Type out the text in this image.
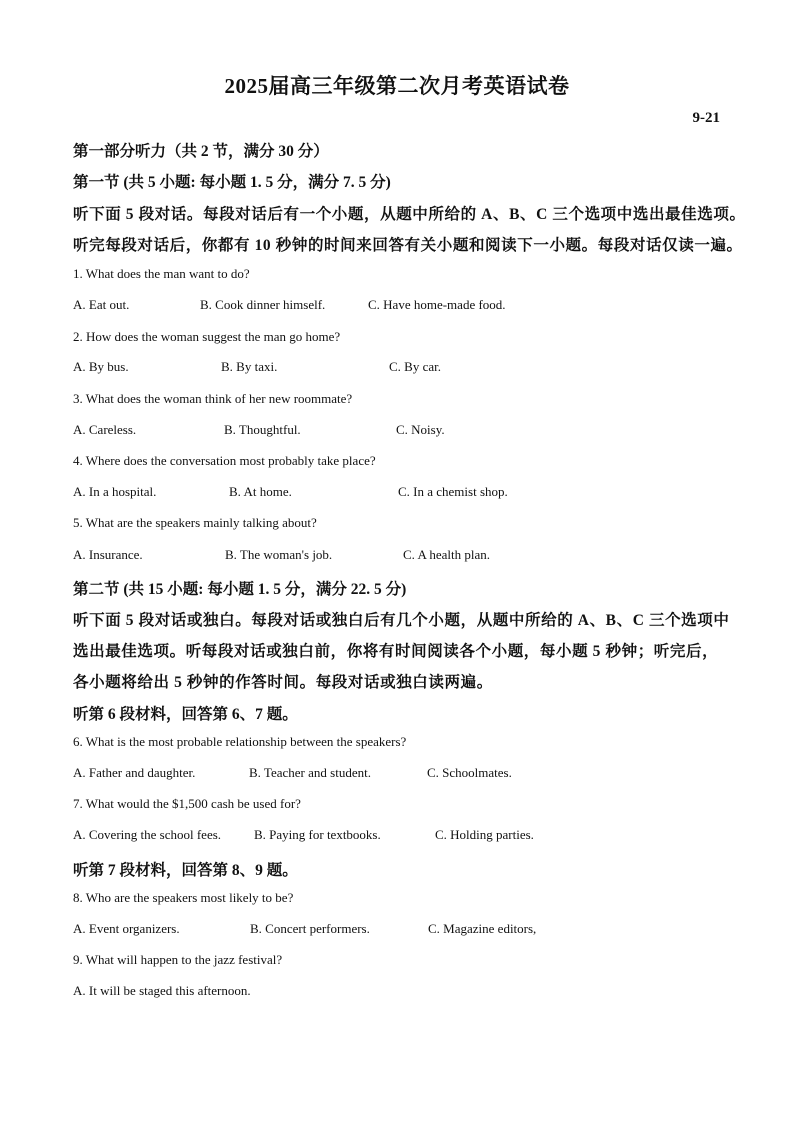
2025届高三年级第二次月考英语试卷
9-21
第一部分听力（共 2 节，满分 30 分）
第一节 (共 5 小题: 每小题 1. 5 分，满分 7. 5 分)
听下面 5 段对话。每段对话后有一个小题，从题中所给的 A、B、C 三个选项中选出最佳选项。
听完每段对话后，你都有 10 秒钟的时间来回答有关小题和阅读下一小题。每段对话仅读一遍。
1. What does the man want to do?
A. Eat out.	B. Cook dinner himself.	C. Have home-made food.
2. How does the woman suggest the man go home?
A. By bus.	B. By taxi.	C. By car.
3. What does the woman think of her new roommate?
A. Careless.	B. Thoughtful.	C. Noisy.
4. Where does the conversation most probably take place?
A. In a hospital.	B. At home.	C. In a chemist shop.
5. What are the speakers mainly talking about?
A. Insurance.	B. The woman's job.	C. A health plan.
第二节 (共 15 小题: 每小题 1. 5 分，满分 22. 5 分)
听下面 5 段对话或独白。每段对话或独白后有几个小题，从题中所给的 A、B、C 三个选项中
选出最佳选项。听每段对话或独白前，你将有时间阅读各个小题，每小题 5 秒钟；听完后，
各小题将给出 5 秒钟的作答时间。每段对话或独白读两遍。
听第 6 段材料，回答第 6、7 题。
6. What is the most probable relationship between the speakers?
A. Father and daughter.	B. Teacher and student.	C. Schoolmates.
7. What would the $1,500 cash be used for?
A. Covering the school fees.	B. Paying for textbooks.	C. Holding parties.
听第 7 段材料，回答第 8、9 题。
8. Who are the speakers most likely to be?
A. Event organizers.	B. Concert performers.	C. Magazine editors,
9. What will happen to the jazz festival?
A. It will be staged this afternoon.
